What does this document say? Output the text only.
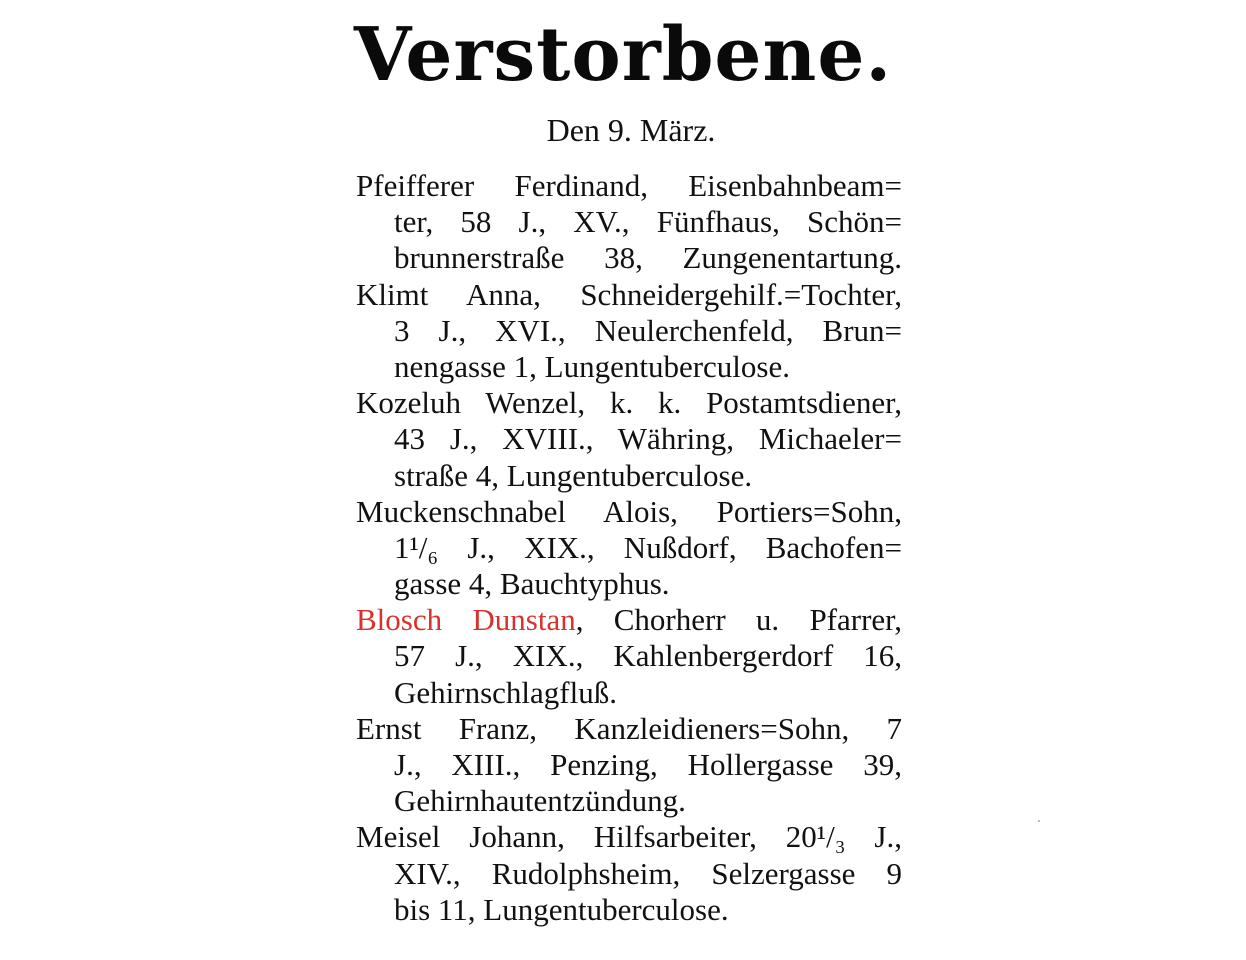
Verstorbene.
Den 9. März.
Pfeifferer Ferdinand, Eisenbahnbeam=
ter, 58 J., XV., Fünfhaus, Schön=
brunnerstraße 38, Zungenentartung.
Klimt Anna, Schneidergehilf.=Tochter,
3 J., XVI., Neulerchenfeld, Brun=
nengasse 1, Lungentuberculose.
Kozeluh Wenzel, k. k. Postamtsdiener,
43 J., XVIII., Währing, Michaeler=
straße 4, Lungentuberculose.
Muckenschnabel Alois, Portiers=Sohn,
1¹/₆ J., XIX., Nußdorf, Bachofen=
gasse 4, Bauchtyphus.
Blosch Dunstan, Chorherr u. Pfarrer,
57 J., XIX., Kahlenbergerdorf 16,
Gehirnschlagfluß.
Ernst Franz, Kanzleidieners=Sohn, 7
J., XIII., Penzing, Hollergasse 39,
Gehirnhautentzündung.
Meisel Johann, Hilfsarbeiter, 20¹/₃ J.,
XIV., Rudolphsheim, Selzergasse 9
bis 11, Lungentuberculose.
